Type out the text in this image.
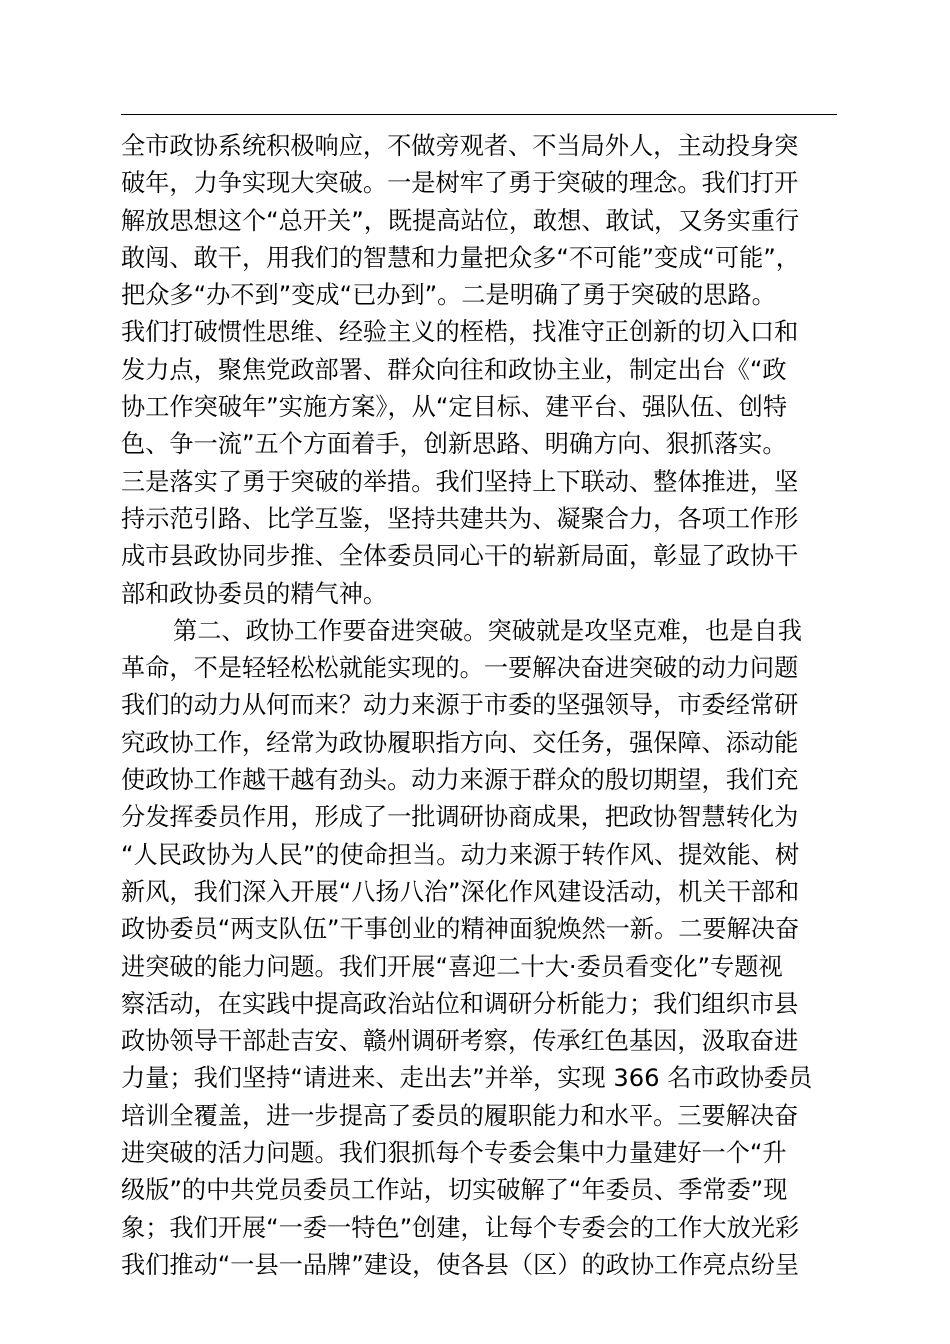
全市政协系统积极响应，不做旁观者、不当局外人，主动投身突
破年，力争实现大突破。一是树牢了勇于突破的理念。我们打开
解放思想这个“总开关”，既提高站位，敢想、敢试，又务实重行
敢闯、敢干，用我们的智慧和力量把众多“不可能”变成“可能”，
把众多“办不到”变成“已办到”。二是明确了勇于突破的思路。
我们打破惯性思维、经验主义的桎梏，找准守正创新的切入口和
发力点，聚焦党政部署、群众向往和政协主业，制定出台《“政
协工作突破年”实施方案》，从“定目标、建平台、强队伍、创特
色、争一流”五个方面着手，创新思路、明确方向、狠抓落实。
三是落实了勇于突破的举措。我们坚持上下联动、整体推进，坚
持示范引路、比学互鉴，坚持共建共为、凝聚合力，各项工作形
成市县政协同步推、全体委员同心干的崭新局面，彰显了政协干
部和政协委员的精气神。
第二、政协工作要奋进突破。突破就是攻坚克难，也是自我
革命，不是轻轻松松就能实现的。一要解决奋进突破的动力问题
我们的动力从何而来？动力来源于市委的坚强领导，市委经常研
究政协工作，经常为政协履职指方向、交任务，强保障、添动能
使政协工作越干越有劲头。动力来源于群众的殷切期望，我们充
分发挥委员作用，形成了一批调研协商成果，把政协智慧转化为
“人民政协为人民”的使命担当。动力来源于转作风、提效能、树
新风，我们深入开展“八扬八治”深化作风建设活动，机关干部和
政协委员“两支队伍”干事创业的精神面貌焕然一新。二要解决奋
进突破的能力问题。我们开展“喜迎二十大·委员看变化”专题视
察活动，在实践中提高政治站位和调研分析能力；我们组织市县
政协领导干部赴吉安、赣州调研考察，传承红色基因，汲取奋进
力量；我们坚持“请进来、走出去”并举，实现 366 名市政协委员
培训全覆盖，进一步提高了委员的履职能力和水平。三要解决奋
进突破的活力问题。我们狠抓每个专委会集中力量建好一个“升
级版”的中共党员委员工作站，切实破解了“年委员、季常委”现
象；我们开展“一委一特色”创建，让每个专委会的工作大放光彩
我们推动“一县一品牌”建设，使各县（区）的政协工作亮点纷呈
